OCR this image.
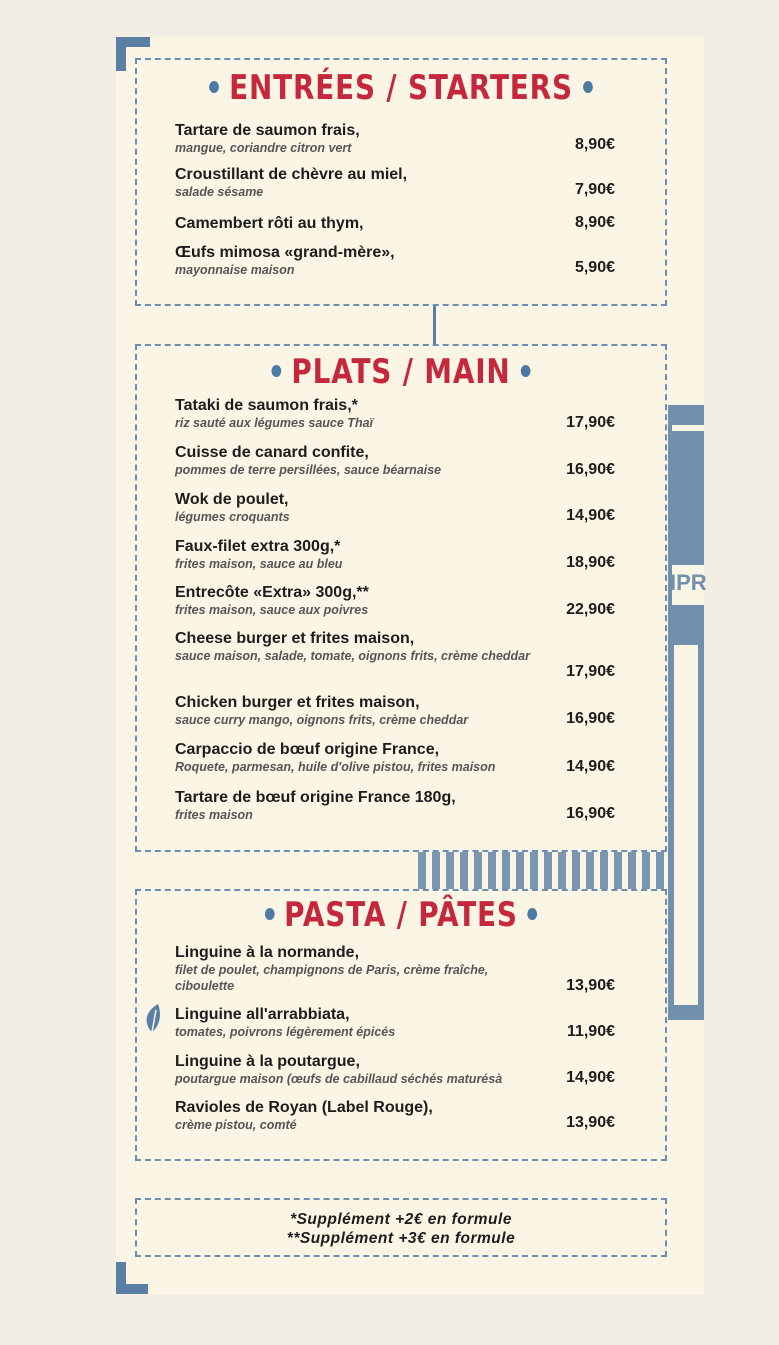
IPR
ENTRÉES / STARTERS
Tartare de saumon frais,
mangue, coriandre citron vert	8,90€
Croustillant de chèvre au miel,
salade sésame	7,90€
Camembert rôti au thym,	8,90€
Œufs mimosa «grand-mère»,
mayonnaise maison	5,90€
PLATS / MAIN
Tataki de saumon frais,*
riz sauté aux légumes sauce Thaï	17,90€
Cuisse de canard confite,
pommes de terre persillées, sauce béarnaise	16,90€
Wok de poulet,
légumes croquants	14,90€
Faux-filet extra 300g,*
frites maison, sauce au bleu	18,90€
Entrecôte «Extra» 300g,**
frites maison, sauce aux poivres	22,90€
Cheese burger et frites maison,
sauce maison, salade, tomate, oignons frits, crème cheddar
17,90€
Chicken burger et frites maison,
sauce curry mango, oignons frits, crème cheddar	16,90€
Carpaccio de bœuf origine France,
Roquete, parmesan, huile d'olive pistou, frites maison	14,90€
Tartare de bœuf origine France 180g,
frites maison	16,90€
PASTA / PÂTES
Linguine à la normande,
filet de poulet, champignons de Paris, crème fraîche, ciboulette	13,90€
Linguine all'arrabbiata,
tomates, poivrons légèrement épicés	11,90€
Linguine à la poutargue,
poutargue maison (œufs de cabillaud séchés maturésà	14,90€
Ravioles de Royan (Label Rouge),
crème pistou, comté	13,90€
*Supplément +2€ en formule
**Supplément +3€ en formule
